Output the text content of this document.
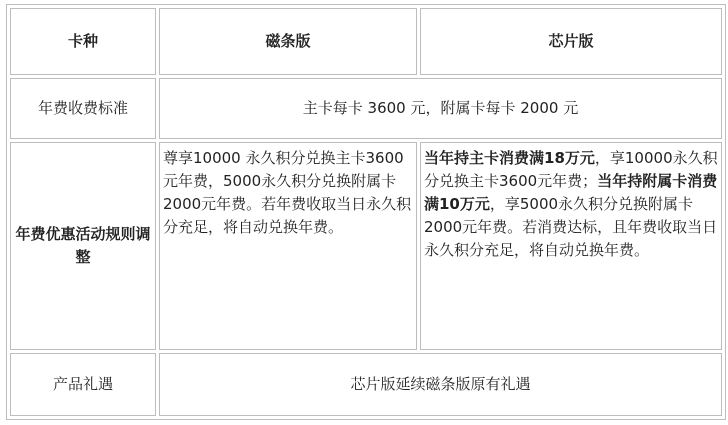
卡种	磁条版	芯片版
年费收费标准	主卡每卡 3600 元，附属卡每卡 2000 元	
年费优惠活动规则调整	尊享10000 永久积分兑换主卡3600元年费，5000永久积分兑换附属卡2000元年费。若年费收取当日永久积分充足，将自动兑换年费。	当年持主卡消费满18万元，享10000永久积分兑换主卡3600元年费；当年持附属卡消费满10万元，享5000永久积分兑换附属卡2000元年费。若消费达标，且年费收取当日永久积分充足，将自动兑换年费。
产品礼遇	芯片版延续磁条版原有礼遇	
